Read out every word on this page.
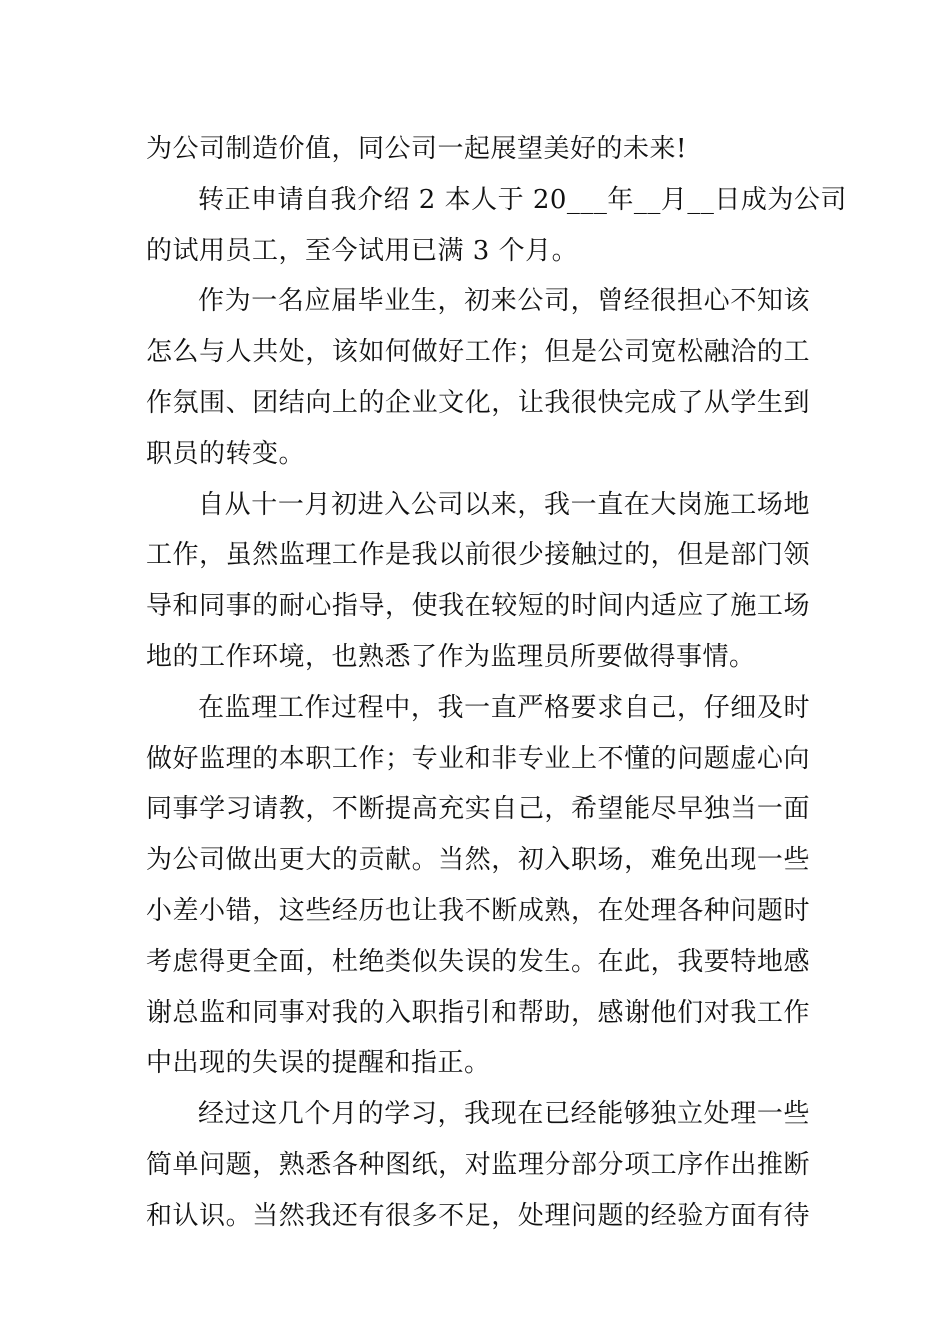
为公司制造价值，同公司一起展望美好的未来!
转正申请自我介绍 2 本人于 20___年__月__日成为公司
的试用员工，至今试用已满 3 个月。
作为一名应届毕业生，初来公司，曾经很担心不知该
怎么与人共处，该如何做好工作；但是公司宽松融洽的工
作氛围、团结向上的企业文化，让我很快完成了从学生到
职员的转变。
自从十一月初进入公司以来，我一直在大岗施工场地
工作，虽然监理工作是我以前很少接触过的，但是部门领
导和同事的耐心指导，使我在较短的时间内适应了施工场
地的工作环境，也熟悉了作为监理员所要做得事情。
在监理工作过程中，我一直严格要求自己，仔细及时
做好监理的本职工作；专业和非专业上不懂的问题虚心向
同事学习请教，不断提高充实自己，希望能尽早独当一面
为公司做出更大的贡献。当然，初入职场，难免出现一些
小差小错，这些经历也让我不断成熟，在处理各种问题时
考虑得更全面，杜绝类似失误的发生。在此，我要特地感
谢总监和同事对我的入职指引和帮助，感谢他们对我工作
中出现的失误的提醒和指正。
经过这几个月的学习，我现在已经能够独立处理一些
简单问题，熟悉各种图纸，对监理分部分项工序作出推断
和认识。当然我还有很多不足，处理问题的经验方面有待
